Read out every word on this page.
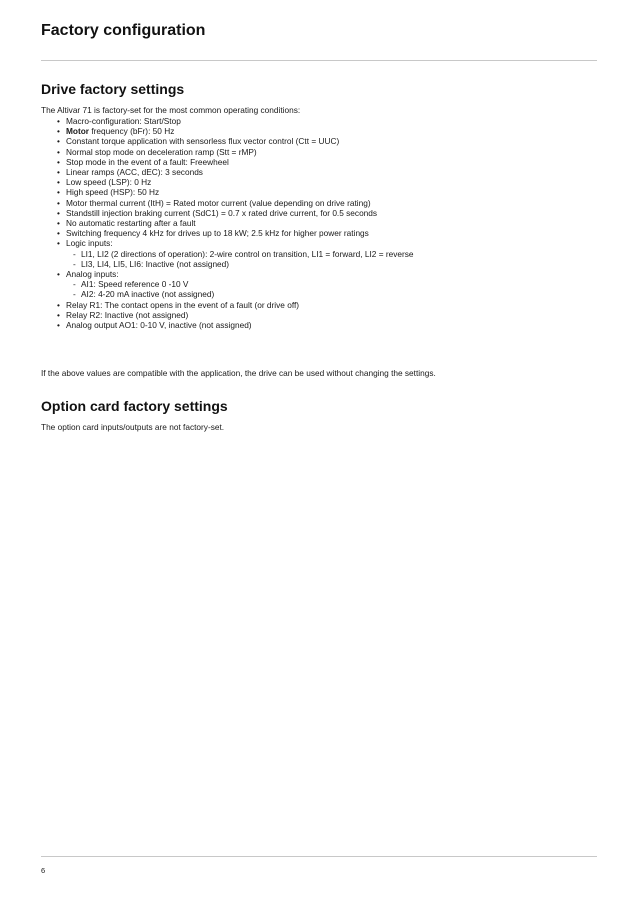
Factory configuration
Drive factory settings

The Altivar 71 is factory-set for the most common operating conditions:

• Macro-configuration: Start/Stop
• Motor frequency (bFr): 50 Hz
• Constant torque application with sensorless flux vector control (Ctt = UUC)
• Normal stop mode on deceleration ramp (Stt = rMP)
• Stop mode in the event of a fault: Freewheel
• Linear ramps (ACC, dEC): 3 seconds
• Low speed (LSP): 0 Hz
• High speed (HSP): 50 Hz
• Motor thermal current (ItH) = Rated motor current (value depending on drive rating)
• Standstill injection braking current (SdC1) = 0.7 x rated drive current, for 0.5 seconds
• No automatic restarting after a fault
• Switching frequency 4 kHz for drives up to 18 kW; 2.5 kHz for higher power ratings
• Logic inputs:
- LI1, LI2 (2 directions of operation): 2-wire control on transition, LI1 = forward, LI2 = reverse
- LI3, LI4, LI5, LI6: Inactive (not assigned)
• Analog inputs:
- AI1: Speed reference 0 -10 V
- AI2: 4-20 mA inactive (not assigned)
• Relay R1: The contact opens in the event of a fault (or drive off)
• Relay R2: Inactive (not assigned)
• Analog output AO1: 0-10 V, inactive (not assigned)

If the above values are compatible with the application, the drive can be used without changing the settings.

Option card factory settings

The option card inputs/outputs are not factory-set.

6
